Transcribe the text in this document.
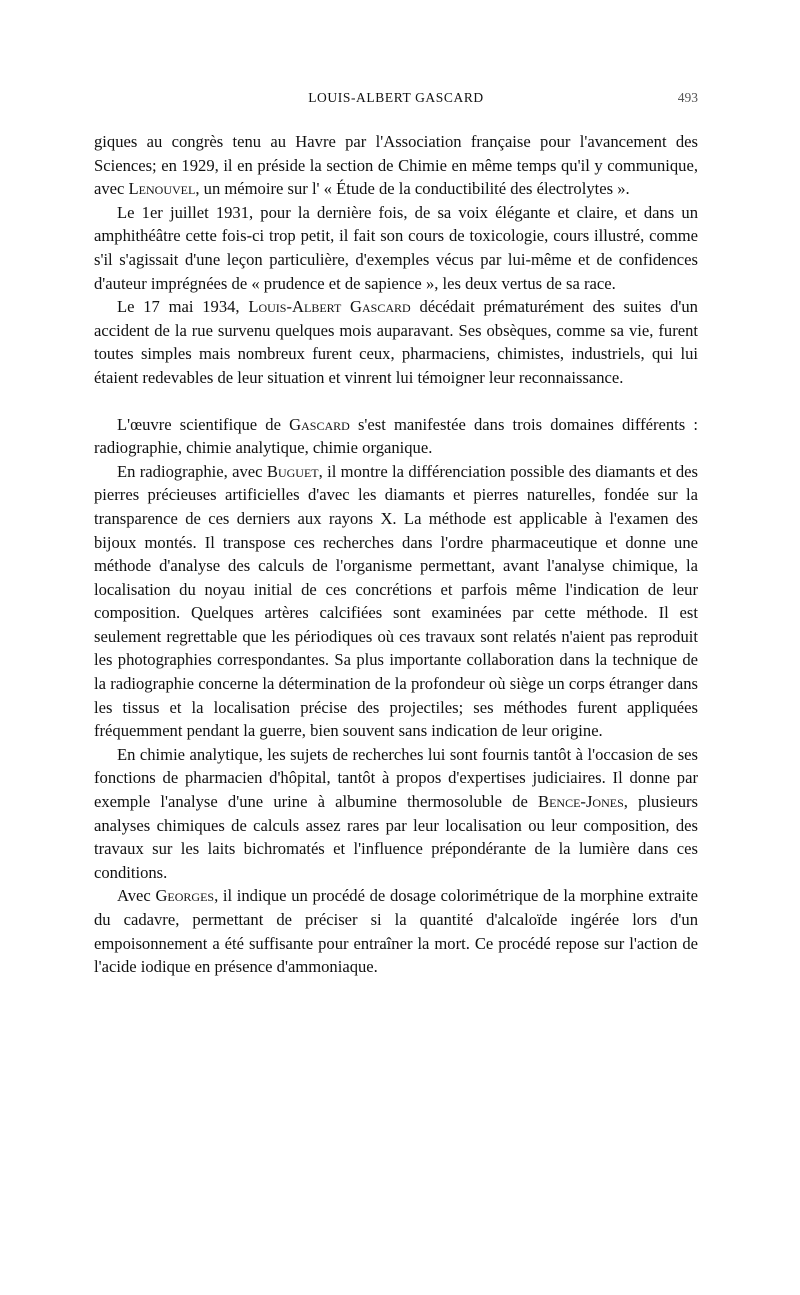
LOUIS-ALBERT GASCARD	493

giques au congrès tenu au Havre par l'Association française pour l'avancement des Sciences; en 1929, il en préside la section de Chimie en même temps qu'il y communique, avec Lenouvel, un mémoire sur l' « Étude de la conductibilité des électrolytes ».

Le 1er juillet 1931, pour la dernière fois, de sa voix élégante et claire, et dans un amphithéâtre cette fois-ci trop petit, il fait son cours de toxicologie, cours illustré, comme s'il s'agissait d'une leçon particulière, d'exemples vécus par lui-même et de confidences d'auteur imprégnées de « prudence et de sapience », les deux vertus de sa race.

Le 17 mai 1934, Louis-Albert Gascard décédait prématurément des suites d'un accident de la rue survenu quelques mois auparavant. Ses obsèques, comme sa vie, furent toutes simples mais nombreux furent ceux, pharmaciens, chimistes, industriels, qui lui étaient redevables de leur situation et vinrent lui témoigner leur reconnaissance.

L'œuvre scientifique de Gascard s'est manifestée dans trois domaines différents : radiographie, chimie analytique, chimie organique.

En radiographie, avec Buguet, il montre la différenciation possible des diamants et des pierres précieuses artificielles d'avec les diamants et pierres naturelles, fondée sur la transparence de ces derniers aux rayons X. La méthode est applicable à l'examen des bijoux montés. Il transpose ces recherches dans l'ordre pharmaceutique et donne une méthode d'analyse des calculs de l'organisme permettant, avant l'analyse chimique, la localisation du noyau initial de ces concrétions et parfois même l'indication de leur composition. Quelques artères calcifiées sont examinées par cette méthode. Il est seulement regrettable que les périodiques où ces travaux sont relatés n'aient pas reproduit les photographies correspondantes. Sa plus importante collaboration dans la technique de la radiographie concerne la détermination de la profondeur où siège un corps étranger dans les tissus et la localisation précise des projectiles; ses méthodes furent appliquées fréquemment pendant la guerre, bien souvent sans indication de leur origine.

En chimie analytique, les sujets de recherches lui sont fournis tantôt à l'occasion de ses fonctions de pharmacien d'hôpital, tantôt à propos d'expertises judiciaires. Il donne par exemple l'analyse d'une urine à albumine thermosoluble de Bence-Jones, plusieurs analyses chimiques de calculs assez rares par leur localisation ou leur composition, des travaux sur les laits bichromatés et l'influence prépondérante de la lumière dans ces conditions.

Avec Georges, il indique un procédé de dosage colorimétrique de la morphine extraite du cadavre, permettant de préciser si la quantité d'alcaloïde ingérée lors d'un empoisonnement a été suffisante pour entraîner la mort. Ce procédé repose sur l'action de l'acide iodique en présence d'ammoniaque.
